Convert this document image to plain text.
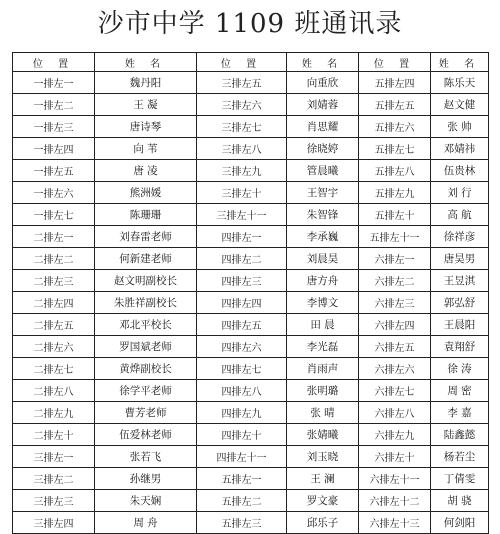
沙市中学 1109 班通讯录
位 置	姓 名	位 置	姓 名	位 置	姓 名
一排左一	魏丹阳	三排左五	向重欣	五排左四	陈乐天
一排左二	王 凝	三排左六	刘婧蓉	五排左五	赵文健
一排左三	唐诗琴	三排左七	肖思耀	五排左六	张 帅
一排左四	向 苇	三排左八	徐晓婷	五排左七	邓婧祎
一排左五	唐 凌	三排左九	管晨曦	五排左八	伍贵林
一排左六	熊洲媛	三排左十	王智宇	五排左九	刘 行
一排左七	陈珊珊	三排左十一	朱智锋	五排左十	高 航
二排左一	刘春雷老师	四排左一	李承巍	五排左十一	徐祥彦
二排左二	何新建老师	四排左二	刘晨昊	六排左一	唐昊男
二排左三	赵文明副校长	四排左三	唐方舟	六排左二	王昱淇
二排左四	朱胜祥副校长	四排左四	李博文	六排左三	郭弘舒
二排左五	邓北平校长	四排左五	田 晨	六排左四	王晨阳
二排左六	罗国斌老师	四排左六	李光磊	六排左五	袁翔舒
二排左七	黄烨副校长	四排左七	肖雨声	六排左六	徐 涛
二排左八	徐学平老师	四排左八	张明璐	六排左七	周 密
二排左九	曹芳老师	四排左九	张 晴	六排左八	李 嘉
二排左十	伍爱林老师	四排左十	张婧曦	六排左九	陆鑫懿
三排左一	张若飞	四排左十一	刘玉晓	六排左十	杨若尘
三排左二	孙继男	五排左一	王 澜	六排左十一	丁倩雯
三排左三	朱天娴	五排左二	罗文豪	六排左十二	胡 骁
三排左四	周 舟	五排左三	邱乐子	六排左十三	何剑阳
